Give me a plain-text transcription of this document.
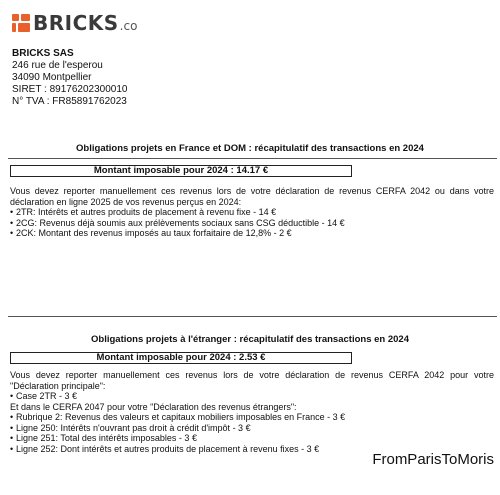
BRICKS .co
BRICKS SAS
246 rue de l'esperou
34090 Montpellier
SIRET : 89176202300010
N° TVA : FR85891762023
Obligations projets en France et DOM : récapitulatif des transactions en 2024
Montant imposable pour 2024 : 14.17 €

Vous devez reporter manuellement ces revenus lors de votre déclaration de revenus CERFA 2042 ou dans votre déclaration en ligne 2025 de vos revenus perçus en 2024:

• 2TR: Intérêts et autres produits de placement à revenu fixe - 14 €
• 2CG: Revenus déjà soumis aux prélèvements sociaux sans CSG déductible - 14 €
• 2CK: Montant des revenus imposés au taux forfaitaire de 12,8% - 2 €
Obligations projets à l'étranger : récapitulatif des transactions en 2024
Montant imposable pour 2024 : 2.53 €

Vous devez reporter manuellement ces revenus lors de votre déclaration de revenus CERFA 2042 pour votre "Déclaration principale":

• Case 2TR - 3 €

Et dans le CERFA 2047 pour votre "Déclaration des revenus étrangers":

• Rubrique 2: Revenus des valeurs et capitaux mobiliers imposables en France - 3 €
• Ligne 250: Intérêts n'ouvrant pas droit à crédit d'impôt - 3 €
• Ligne 251: Total des intérêts imposables - 3 €
• Ligne 252: Dont intérêts et autres produits de placement à revenu fixes - 3 €
FromParisToMoris
